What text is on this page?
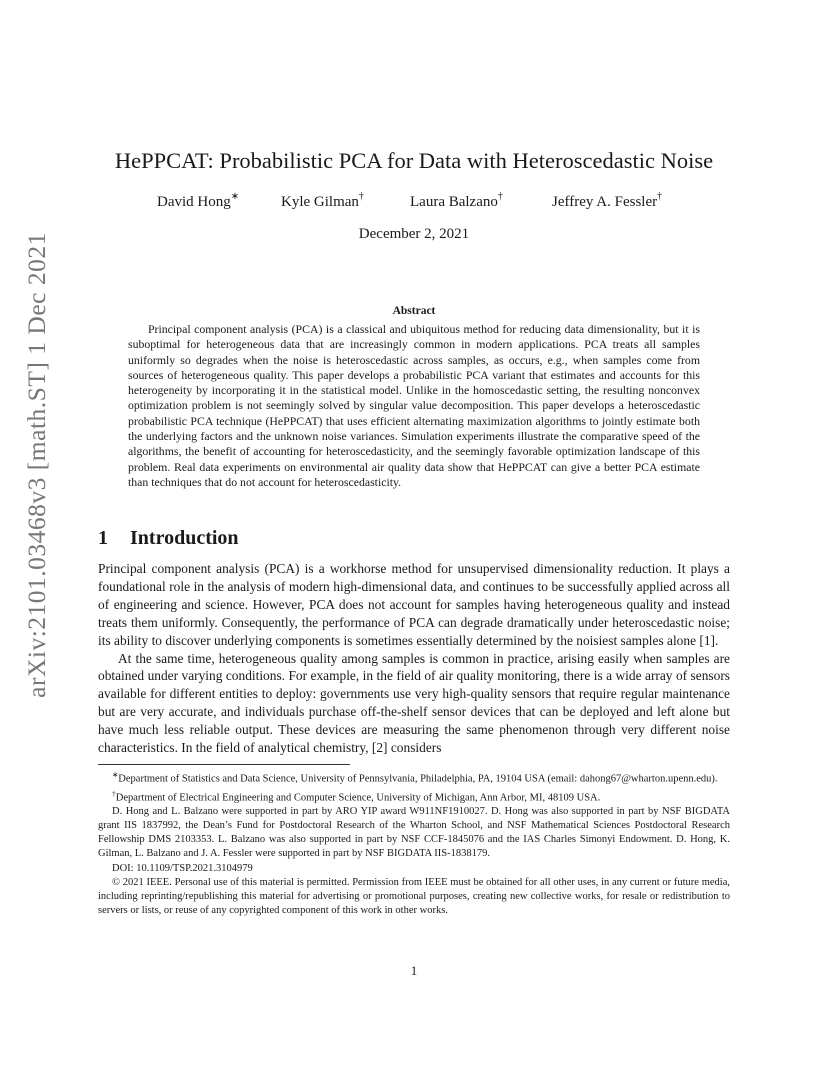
arXiv:2101.03468v3 [math.ST] 1 Dec 2021
HePPCAT: Probabilistic PCA for Data with Heteroscedastic Noise
David Hong∗	Kyle Gilman†	Laura Balzano†	Jeffrey A. Fessler†
December 2, 2021
Abstract

Principal component analysis (PCA) is a classical and ubiquitous method for reducing data dimensionality, but it is suboptimal for heterogeneous data that are increasingly common in modern applications. PCA treats all samples uniformly so degrades when the noise is heteroscedastic across samples, as occurs, e.g., when samples come from sources of heterogeneous quality. This paper develops a probabilistic PCA variant that estimates and accounts for this heterogeneity by incorporating it in the statistical model. Unlike in the homoscedastic setting, the resulting nonconvex optimization problem is not seemingly solved by singular value decomposition. This paper develops a heteroscedastic probabilistic PCA technique (HePPCAT) that uses efficient alternating maximization algorithms to jointly estimate both the underlying factors and the unknown noise variances. Simulation experiments illustrate the comparative speed of the algorithms, the benefit of accounting for heteroscedasticity, and the seemingly favorable optimization landscape of this problem. Real data experiments on environmental air quality data show that HePPCAT can give a better PCA estimate than techniques that do not account for heteroscedasticity.

1 Introduction

Principal component analysis (PCA) is a workhorse method for unsupervised dimensionality reduction. It plays a foundational role in the analysis of modern high-dimensional data, and continues to be successfully applied across all of engineering and science. However, PCA does not account for samples having heterogeneous quality and instead treats them uniformly. Consequently, the performance of PCA can degrade dramatically under heteroscedastic noise; its ability to discover underlying components is sometimes essentially determined by the noisiest samples alone [1].

At the same time, heterogeneous quality among samples is common in practice, arising easily when samples are obtained under varying conditions. For example, in the field of air quality monitoring, there is a wide array of sensors available for different entities to deploy: governments use very high-quality sensors that require regular maintenance but are very accurate, and individuals purchase off-the-shelf sensor devices that can be deployed and left alone but have much less reliable output. These devices are measuring the same phenomenon through very different noise characteristics. In the field of analytical chemistry, [2] considers

∗Department of Statistics and Data Science, University of Pennsylvania, Philadelphia, PA, 19104 USA (email: dahong67@wharton.upenn.edu).

†Department of Electrical Engineering and Computer Science, University of Michigan, Ann Arbor, MI, 48109 USA.

D. Hong and L. Balzano were supported in part by ARO YIP award W911NF1910027. D. Hong was also supported in part by NSF BIGDATA grant IIS 1837992, the Dean’s Fund for Postdoctoral Research of the Wharton School, and NSF Mathematical Sciences Postdoctoral Research Fellowship DMS 2103353. L. Balzano was also supported in part by NSF CCF-1845076 and the IAS Charles Simonyi Endowment. D. Hong, K. Gilman, L. Balzano and J. A. Fessler were supported in part by NSF BIGDATA IIS-1838179.

DOI: 10.1109/TSP.2021.3104979

© 2021 IEEE. Personal use of this material is permitted. Permission from IEEE must be obtained for all other uses, in any current or future media, including reprinting/republishing this material for advertising or promotional purposes, creating new collective works, for resale or redistribution to servers or lists, or reuse of any copyrighted component of this work in other works.

1
